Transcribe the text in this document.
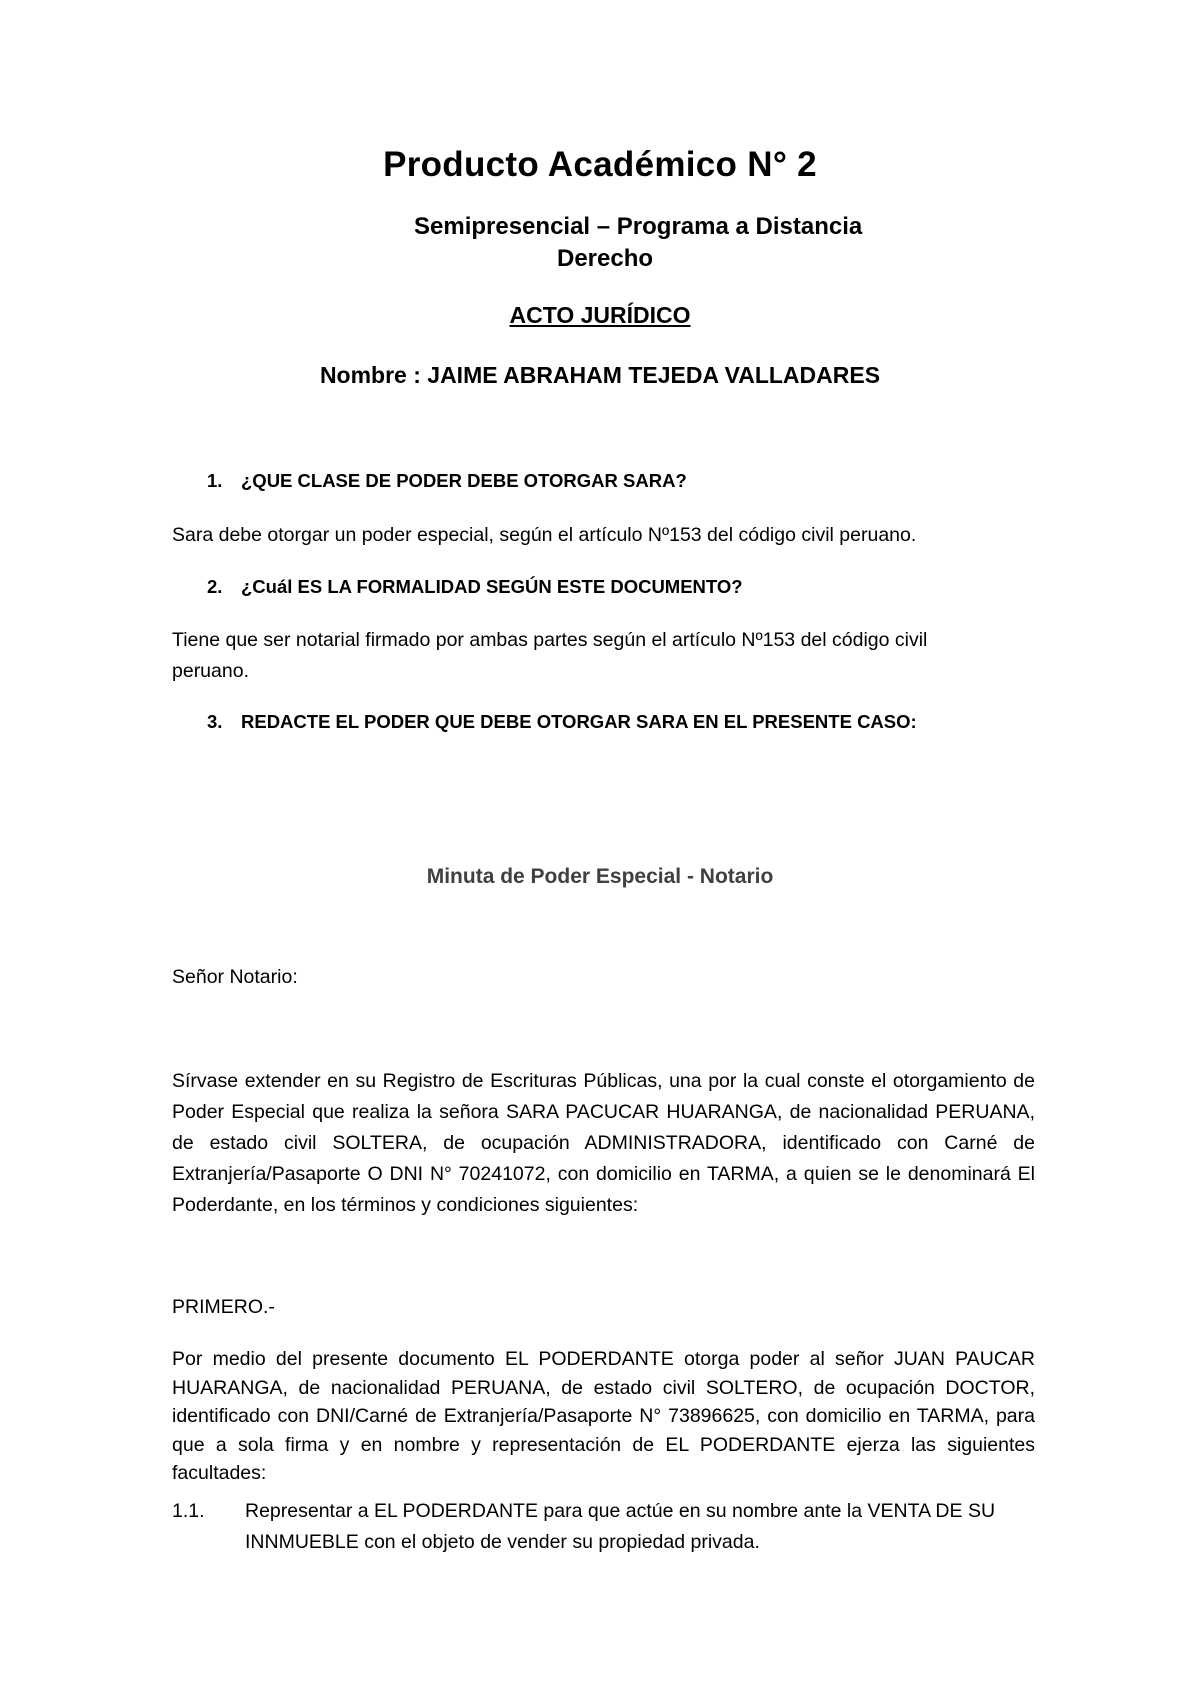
Producto Académico N° 2
Semipresencial – Programa a Distancia
Derecho
ACTO JURÍDICO
Nombre : JAIME ABRAHAM TEJEDA VALLADARES
1. ¿QUE CLASE DE PODER DEBE OTORGAR SARA?

Sara debe otorgar un poder especial, según el artículo Nº153 del código civil peruano.

2. ¿Cuál ES LA FORMALIDAD SEGÚN ESTE DOCUMENTO?

Tiene que ser notarial firmado por ambas partes según el artículo Nº153 del código civil peruano.

3. REDACTE EL PODER QUE DEBE OTORGAR SARA EN EL PRESENTE CASO:
Minuta de Poder Especial - Notario

Señor Notario:

Sírvase extender en su Registro de Escrituras Públicas, una por la cual conste el otorgamiento de Poder Especial que realiza la señora SARA PACUCAR HUARANGA, de nacionalidad PERUANA, de estado civil SOLTERA, de ocupación ADMINISTRADORA, identificado con Carné de Extranjería/Pasaporte O DNI N° 70241072, con domicilio en TARMA, a quien se le denominará El Poderdante, en los términos y condiciones siguientes:

PRIMERO.-

Por medio del presente documento EL PODERDANTE otorga poder al señor JUAN PAUCAR HUARANGA, de nacionalidad PERUANA, de estado civil SOLTERO, de ocupación DOCTOR, identificado con DNI/Carné de Extranjería/Pasaporte N° 73896625, con domicilio en TARMA, para que a sola firma y en nombre y representación de EL PODERDANTE ejerza las siguientes facultades:

1.1. Representar a EL PODERDANTE para que actúe en su nombre ante la VENTA DE SU INNMUEBLE con el objeto de vender su propiedad privada.
